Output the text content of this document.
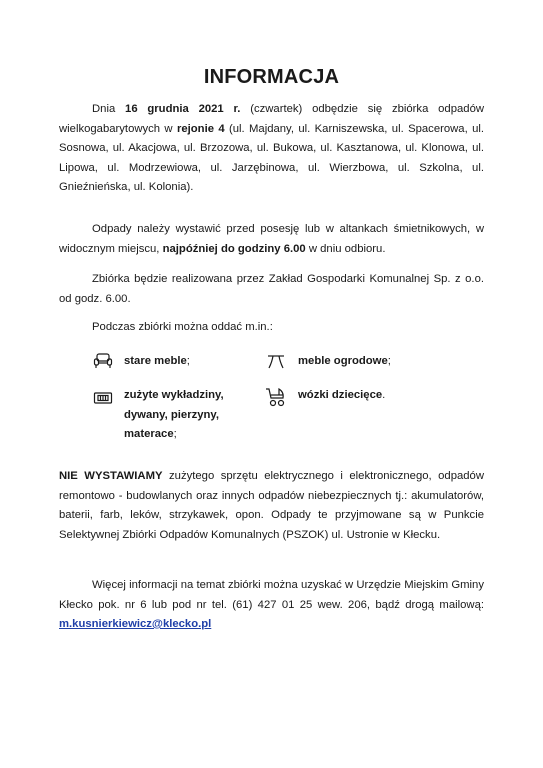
INFORMACJA

Dnia 16 grudnia 2021 r. (czwartek) odbędzie się zbiórka odpadów wielkogabarytowych w rejonie 4 (ul. Majdany, ul. Karniszewska, ul. Spacerowa, ul. Sosnowa, ul. Akacjowa, ul. Brzozowa, ul. Bukowa, ul. Kasztanowa, ul. Klonowa, ul. Lipowa, ul. Modrzewiowa, ul. Jarzębinowa, ul. Wierzbowa, ul. Szkolna, ul. Gnieźnieńska, ul. Kolonia).

Odpady należy wystawić przed posesję lub w altankach śmietnikowych, w widocznym miejscu, najpóźniej do godziny 6.00 w dniu odbioru.

Zbiórka będzie realizowana przez Zakład Gospodarki Komunalnej Sp. z o.o. od godz. 6.00.

Podczas zbiórki można oddać m.in.:

stare meble;	meble ogrodowe;
zużyte wykładziny, dywany, pierzyny, materace;
wózki dziecięce.

NIE WYSTAWIAMY zużytego sprzętu elektrycznego i elektronicznego, odpadów remontowo - budowlanych oraz innych odpadów niebezpiecznych tj.: akumulatorów, baterii, farb, leków, strzykawek, opon. Odpady te przyjmowane są w Punkcie Selektywnej Zbiórki Odpadów Komunalnych (PSZOK) ul. Ustronie w Kłecku.

Więcej informacji na temat zbiórki można uzyskać w Urzędzie Miejskim Gminy Kłecko pok. nr 6 lub pod nr tel. (61) 427 01 25 wew. 206, bądź drogą mailową: m.kusnierkiewicz@klecko.pl
